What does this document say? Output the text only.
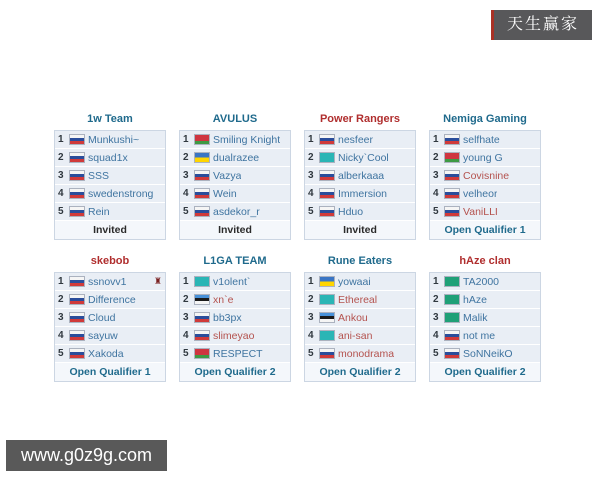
天生赢家
1w Team
1	Munkushi~
2	squad1x
3	SSS
4	swedenstrong
5	Rein
Invited
AVULUS
1	Smiling Knight
2	dualrazee
3	Vazya
4	Wein
5	asdekor_r
Invited
Power Rangers
1	nesfeer
2	Nicky`Cool
3	alberkaaa
4	Immersion
5	Hduo
Invited
Nemiga Gaming
1	selfhate
2	young G
3	Covisnine
4	velheor
5	VaniLLI
Open Qualifier 1
skebob
1	ssnovv1	♜
2	Difference
3	Cloud
4	sayuw
5	Xakoda
Open Qualifier 1
L1GA TEAM
1	v1olent`
2	xn`e
3	bb3px
4	slimeyao
5	RESPECT
Open Qualifier 2
Rune Eaters
1	yowaai
2	Ethereal
3	Ankou
4	ani-san
5	monodrama
Open Qualifier 2
hAze clan
1	TA2000
2	hAze
3	Malik
4	not me
5	SoNNeikO
Open Qualifier 2
www.g0z9g.com
